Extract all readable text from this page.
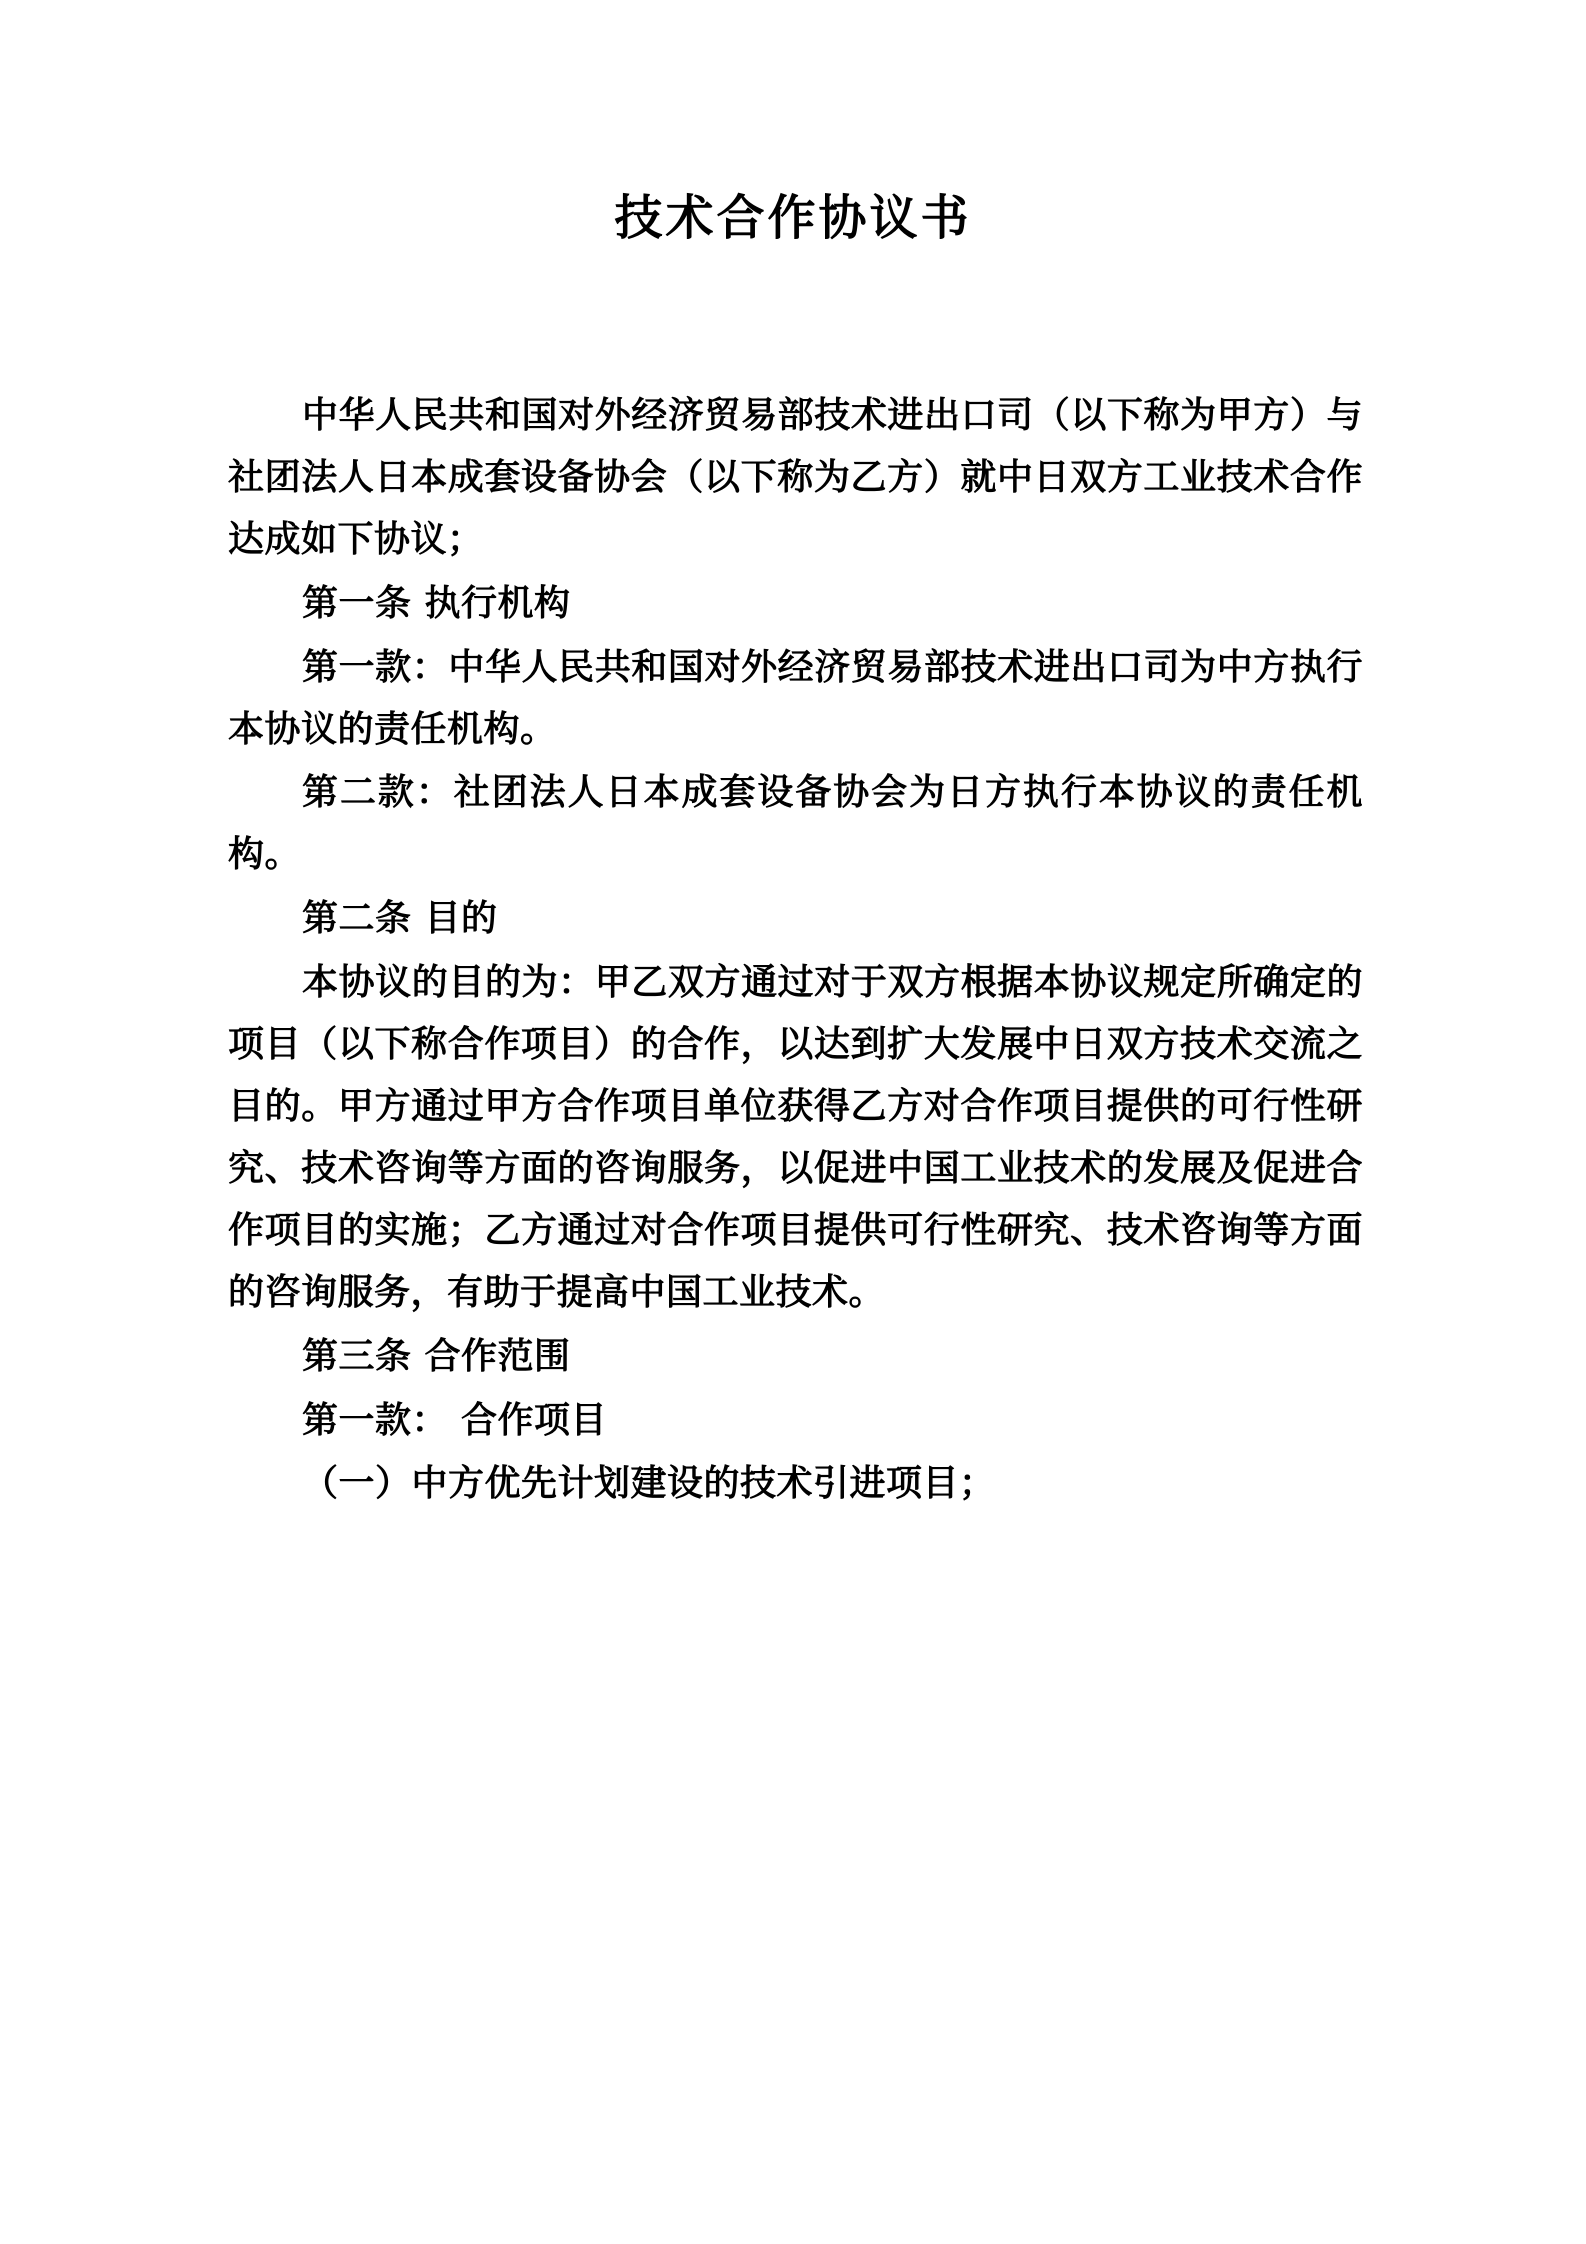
技术合作协议书

中华人民共和国对外经济贸易部技术进出口司（以下称为甲方）与社团法人日本成套设备协会（以下称为乙方）就中日双方工业技术合作达成如下协议；

第一条 执行机构

第一款：中华人民共和国对外经济贸易部技术进出口司为中方执行本协议的责任机构。

第二款：社团法人日本成套设备协会为日方执行本协议的责任机构。

第二条 目的

本协议的目的为：甲乙双方通过对于双方根据本协议规定所确定的项目（以下称合作项目）的合作，以达到扩大发展中日双方技术交流之目的。甲方通过甲方合作项目单位获得乙方对合作项目提供的可行性研究、技术咨询等方面的咨询服务，以促进中国工业技术的发展及促进合作项目的实施；乙方通过对合作项目提供可行性研究、技术咨询等方面的咨询服务，有助于提高中国工业技术。

第三条 合作范围

第一款： 合作项目

（一）中方优先计划建设的技术引进项目；
